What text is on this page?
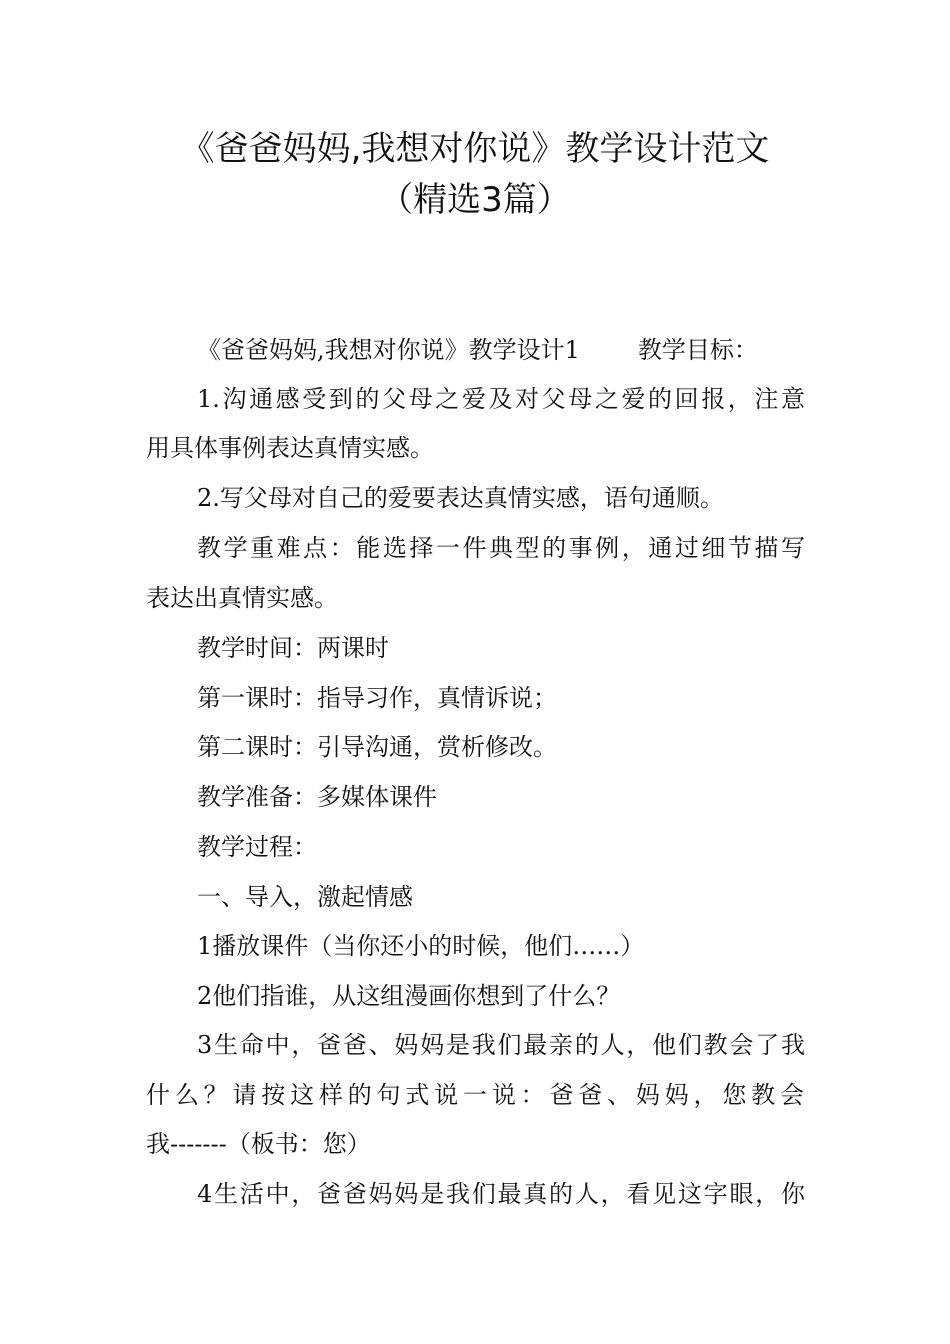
《爸爸妈妈,我想对你说》教学设计范文
（精选3篇）
《爸爸妈妈,我想对你说》教学设计1 教学目标：
1.沟通感受到的父母之爱及对父母之爱的回报，注意
用具体事例表达真情实感。
2.写父母对自己的爱要表达真情实感，语句通顺。
教学重难点：能选择一件典型的事例，通过细节描写
表达出真情实感。
教学时间：两课时
第一课时：指导习作，真情诉说；
第二课时：引导沟通，赏析修改。
教学准备：多媒体课件
教学过程：
一、导入，激起情感
1播放课件（当你还小的时候，他们……）
2他们指谁，从这组漫画你想到了什么？
3生命中，爸爸、妈妈是我们最亲的人，他们教会了我
什么？请按这样的句式说一说：爸爸、妈妈，您教会
我-------（板书：您）
4生活中，爸爸妈妈是我们最真的人，看见这字眼，你
